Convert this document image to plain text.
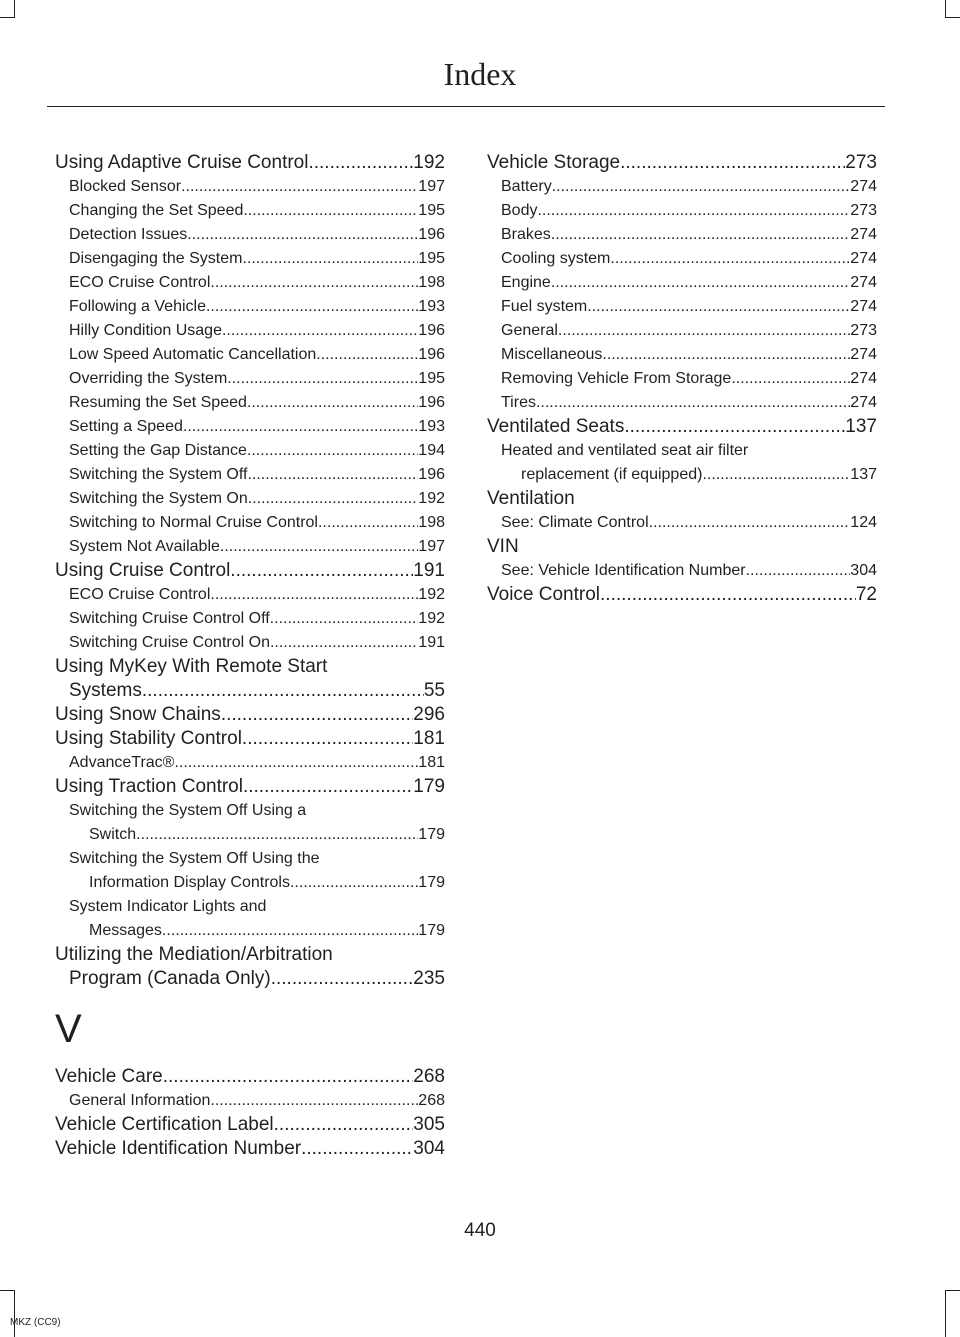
Index
Using Adaptive Cruise Control .....	192
Blocked Sensor .....	197
Changing the Set Speed .....	195
Detection Issues .....	196
Disengaging the System .....	195
ECO Cruise Control .....	198
Following a Vehicle .....	193
Hilly Condition Usage .....	196
Low Speed Automatic Cancellation .....	196
Overriding the System .....	195
Resuming the Set Speed .....	196
Setting a Speed .....	193
Setting the Gap Distance .....	194
Switching the System Off .....	196
Switching the System On .....	192
Switching to Normal Cruise Control .....	198
System Not Available .....	197
Using Cruise Control .....	191
ECO Cruise Control .....	192
Switching Cruise Control Off .....	192
Switching Cruise Control On .....	191
Using MyKey With Remote Start
Systems .....	55
Using Snow Chains .....	296
Using Stability Control .....	181
AdvanceTrac® .....	181
Using Traction Control .....	179
Switching the System Off Using a
Switch .....	179
Switching the System Off Using the
Information Display Controls .....	179
System Indicator Lights and
Messages .....	179
Utilizing the Mediation/Arbitration
Program (Canada Only) .....	235
V
Vehicle Care .....	268
General Information .....	268
Vehicle Certification Label .....	305
Vehicle Identification Number .....	304
Vehicle Storage .....	273
Battery .....	274
Body .....	273
Brakes .....	274
Cooling system .....	274
Engine .....	274
Fuel system .....	274
General .....	273
Miscellaneous .....	274
Removing Vehicle From Storage .....	274
Tires .....	274
Ventilated Seats .....	137
Heated and ventilated seat air filter
replacement (if equipped) .....	137
Ventilation
See: Climate Control .....	124
VIN
See: Vehicle Identification Number .....	304
Voice Control .....	72
440
MKZ (CC9)
